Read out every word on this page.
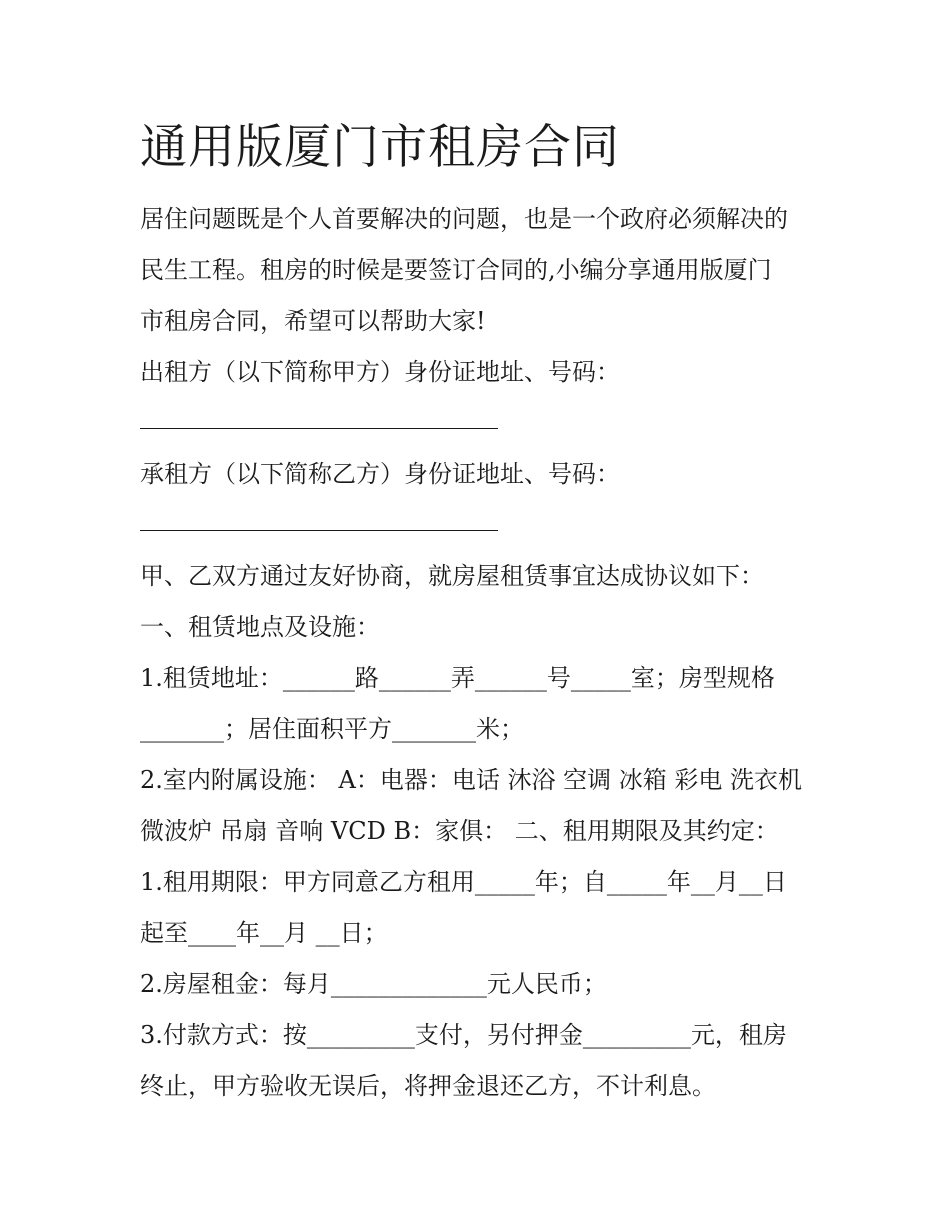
通用版厦门市租房合同
居住问题既是个人首要解决的问题，也是一个政府必须解决的
民生工程。租房的时候是要签订合同的,小编分享通用版厦门
市租房合同，希望可以帮助大家!
出租方（以下简称甲方）身份证地址、号码：
承租方（以下简称乙方）身份证地址、号码：
甲、乙双方通过友好协商，就房屋租赁事宜达成协议如下：
一、租赁地点及设施：
1.租赁地址：______路______弄______号_____室；房型规格
_______；居住面积平方_______米；
2.室内附属设施： A：电器：电话 沐浴 空调 冰箱 彩电 洗衣机
微波炉 吊扇 音响 VCD B：家俱： 二、租用期限及其约定：
1.租用期限：甲方同意乙方租用_____年；自_____年__月__日
起至____年__月 __日；
2.房屋租金：每月_____________元人民币；
3.付款方式：按_________支付，另付押金_________元，租房
终止，甲方验收无误后，将押金退还乙方，不计利息。
